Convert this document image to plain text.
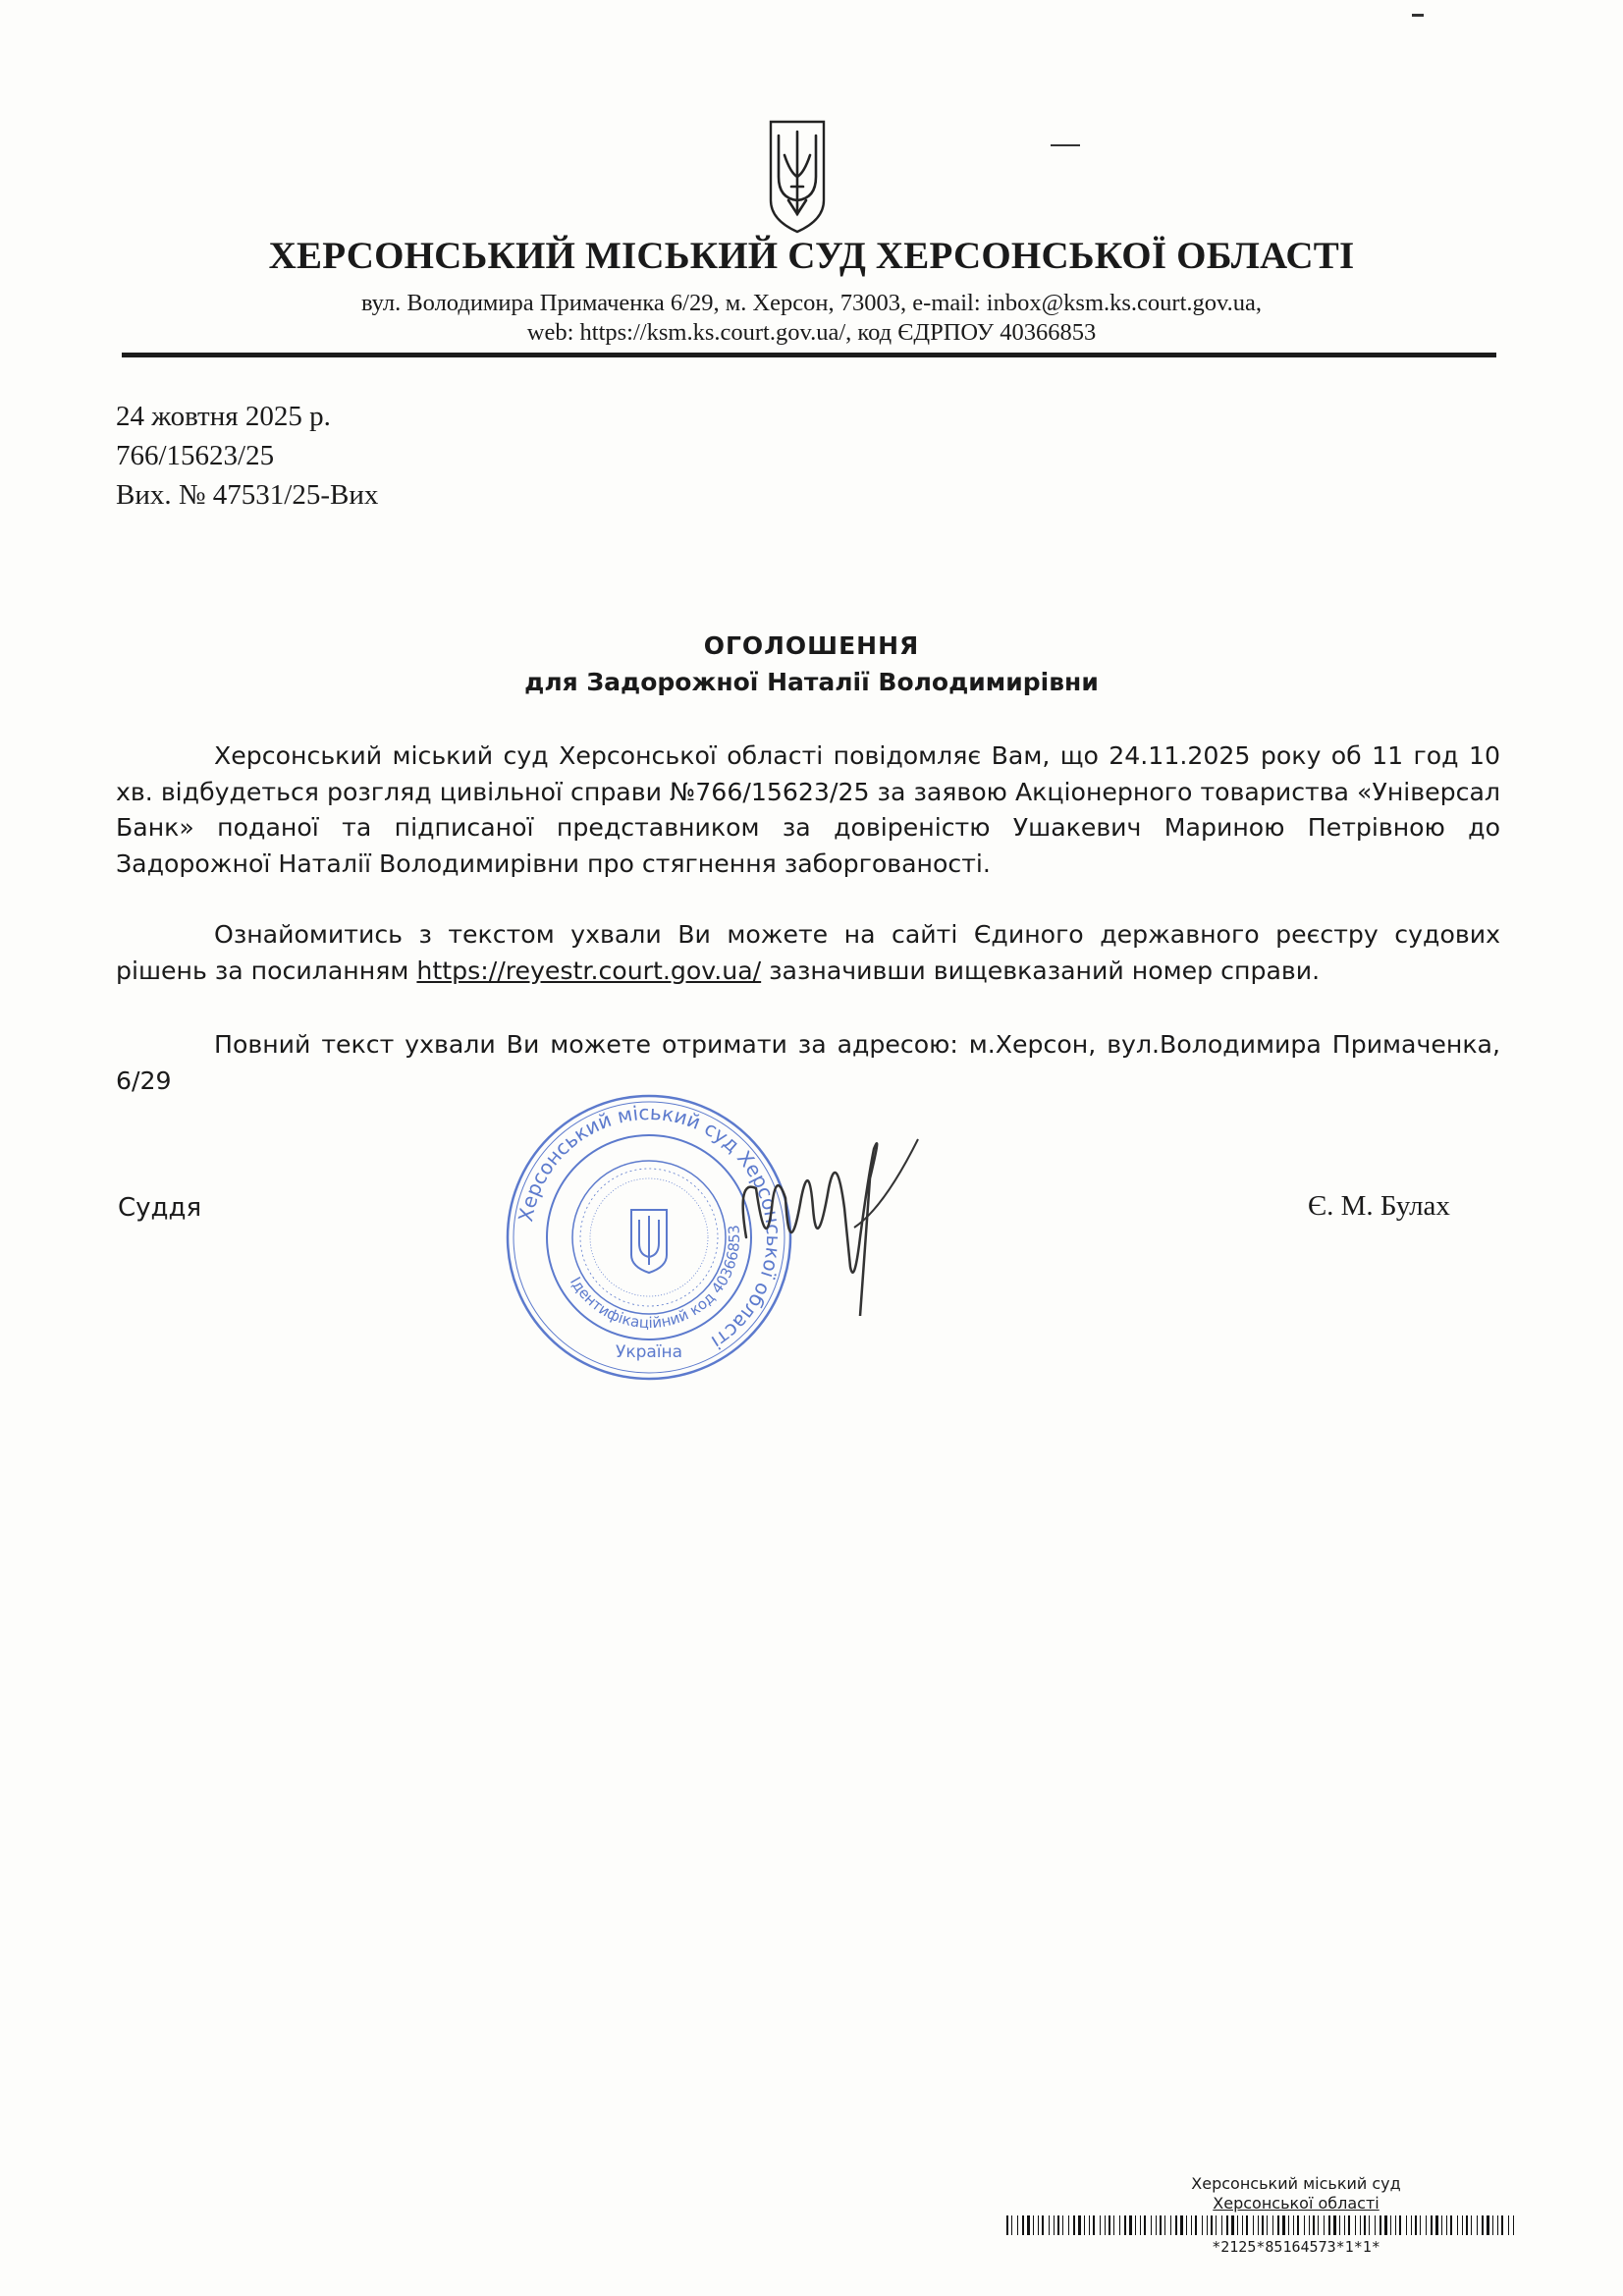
ХЕРСОНСЬКИЙ МІСЬКИЙ СУД ХЕРСОНСЬКОЇ ОБЛАСТІ
вул. Володимира Примаченка 6/29, м. Херсон, 73003, e-mail: inbox@ksm.ks.court.gov.ua,
web: https://ksm.ks.court.gov.ua/, код ЄДРПОУ 40366853
24 жовтня 2025 р.
766/15623/25
Вих. № 47531/25-Вих
ОГОЛОШЕННЯ
для Задорожної Наталії Володимирівни

Херсонський міський суд Херсонської області повідомляє Вам, що 24.11.2025 року об 11 год 10 хв. відбудеться розгляд цивільної справи №766/15623/25 за заявою Акціонерного товариства «Універсал Банк» поданої та підписаної представником за довіреністю Ушакевич Мариною Петрівною до Задорожної Наталії Володимирівни про стягнення заборгованості.

Ознайомитись з текстом ухвали Ви можете на сайті Єдиного державного реєстру судових рішень за посиланням https://reyestr.court.gov.ua/ зазначивши вищевказаний номер справи.

Повний текст ухвали Ви можете отримати за адресою: м.Херсон, вул.Володимира Примаченка, 6/29

Суддя	Є. М. Булах
Херсонський міський суд Херсонської області
Ідентифікаційний код 40366853
Україна
Херсонський міський суд
Херсонської області
*2125*85164573*1*1*
